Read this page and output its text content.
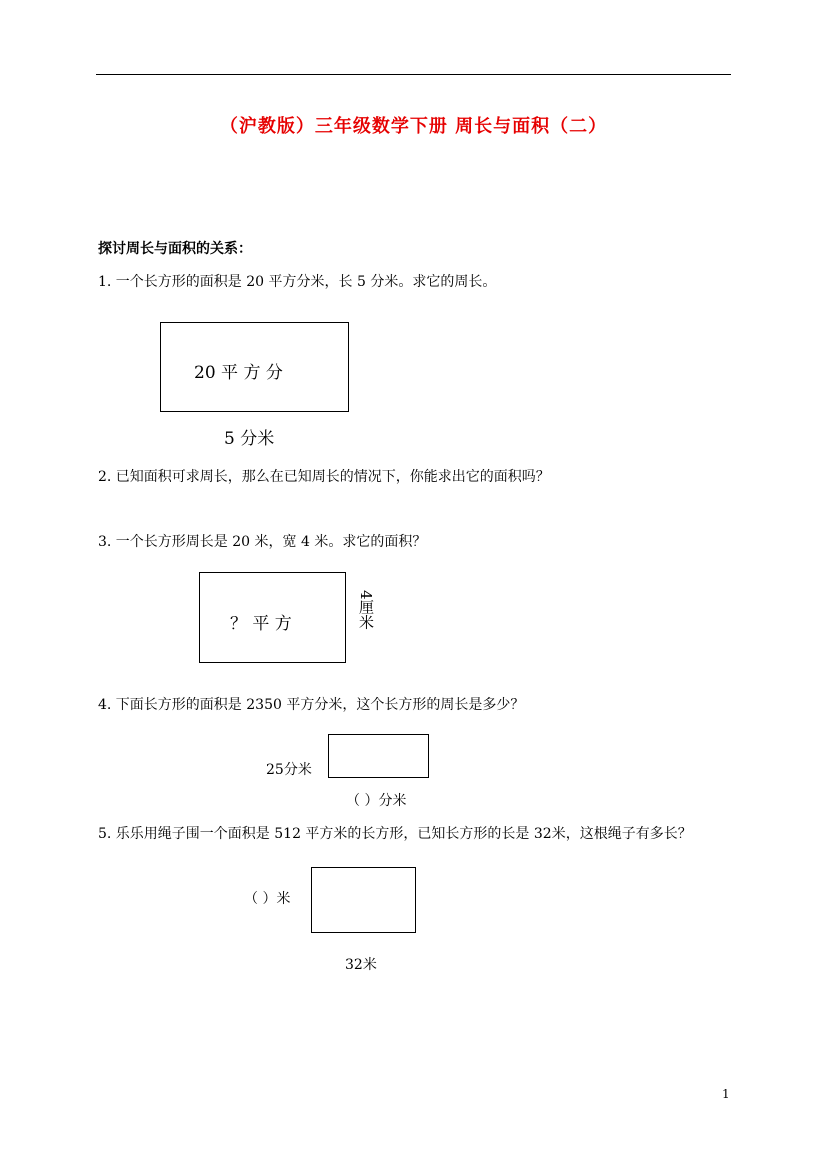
（沪教版）三年级数学下册 周长与面积（二）
探讨周长与面积的关系：
1. 一个长方形的面积是 20 平方分米，长 5 分米。求它的周长。
20 平 方 分
5 分米
2. 已知面积可求周长，那么在已知周长的情况下，你能求出它的面积吗？
3. 一个长方形周长是 20 米，宽 4 米。求它的面积？
？ 平 方	4厘米
4. 下面长方形的面积是 2350 平方分米，这个长方形的周长是多少？
25分米
（ ）分米
5. 乐乐用绳子围一个面积是 512 平方米的长方形，已知长方形的长是 32米，这根绳子有多长？
（ ）米
32米
1
